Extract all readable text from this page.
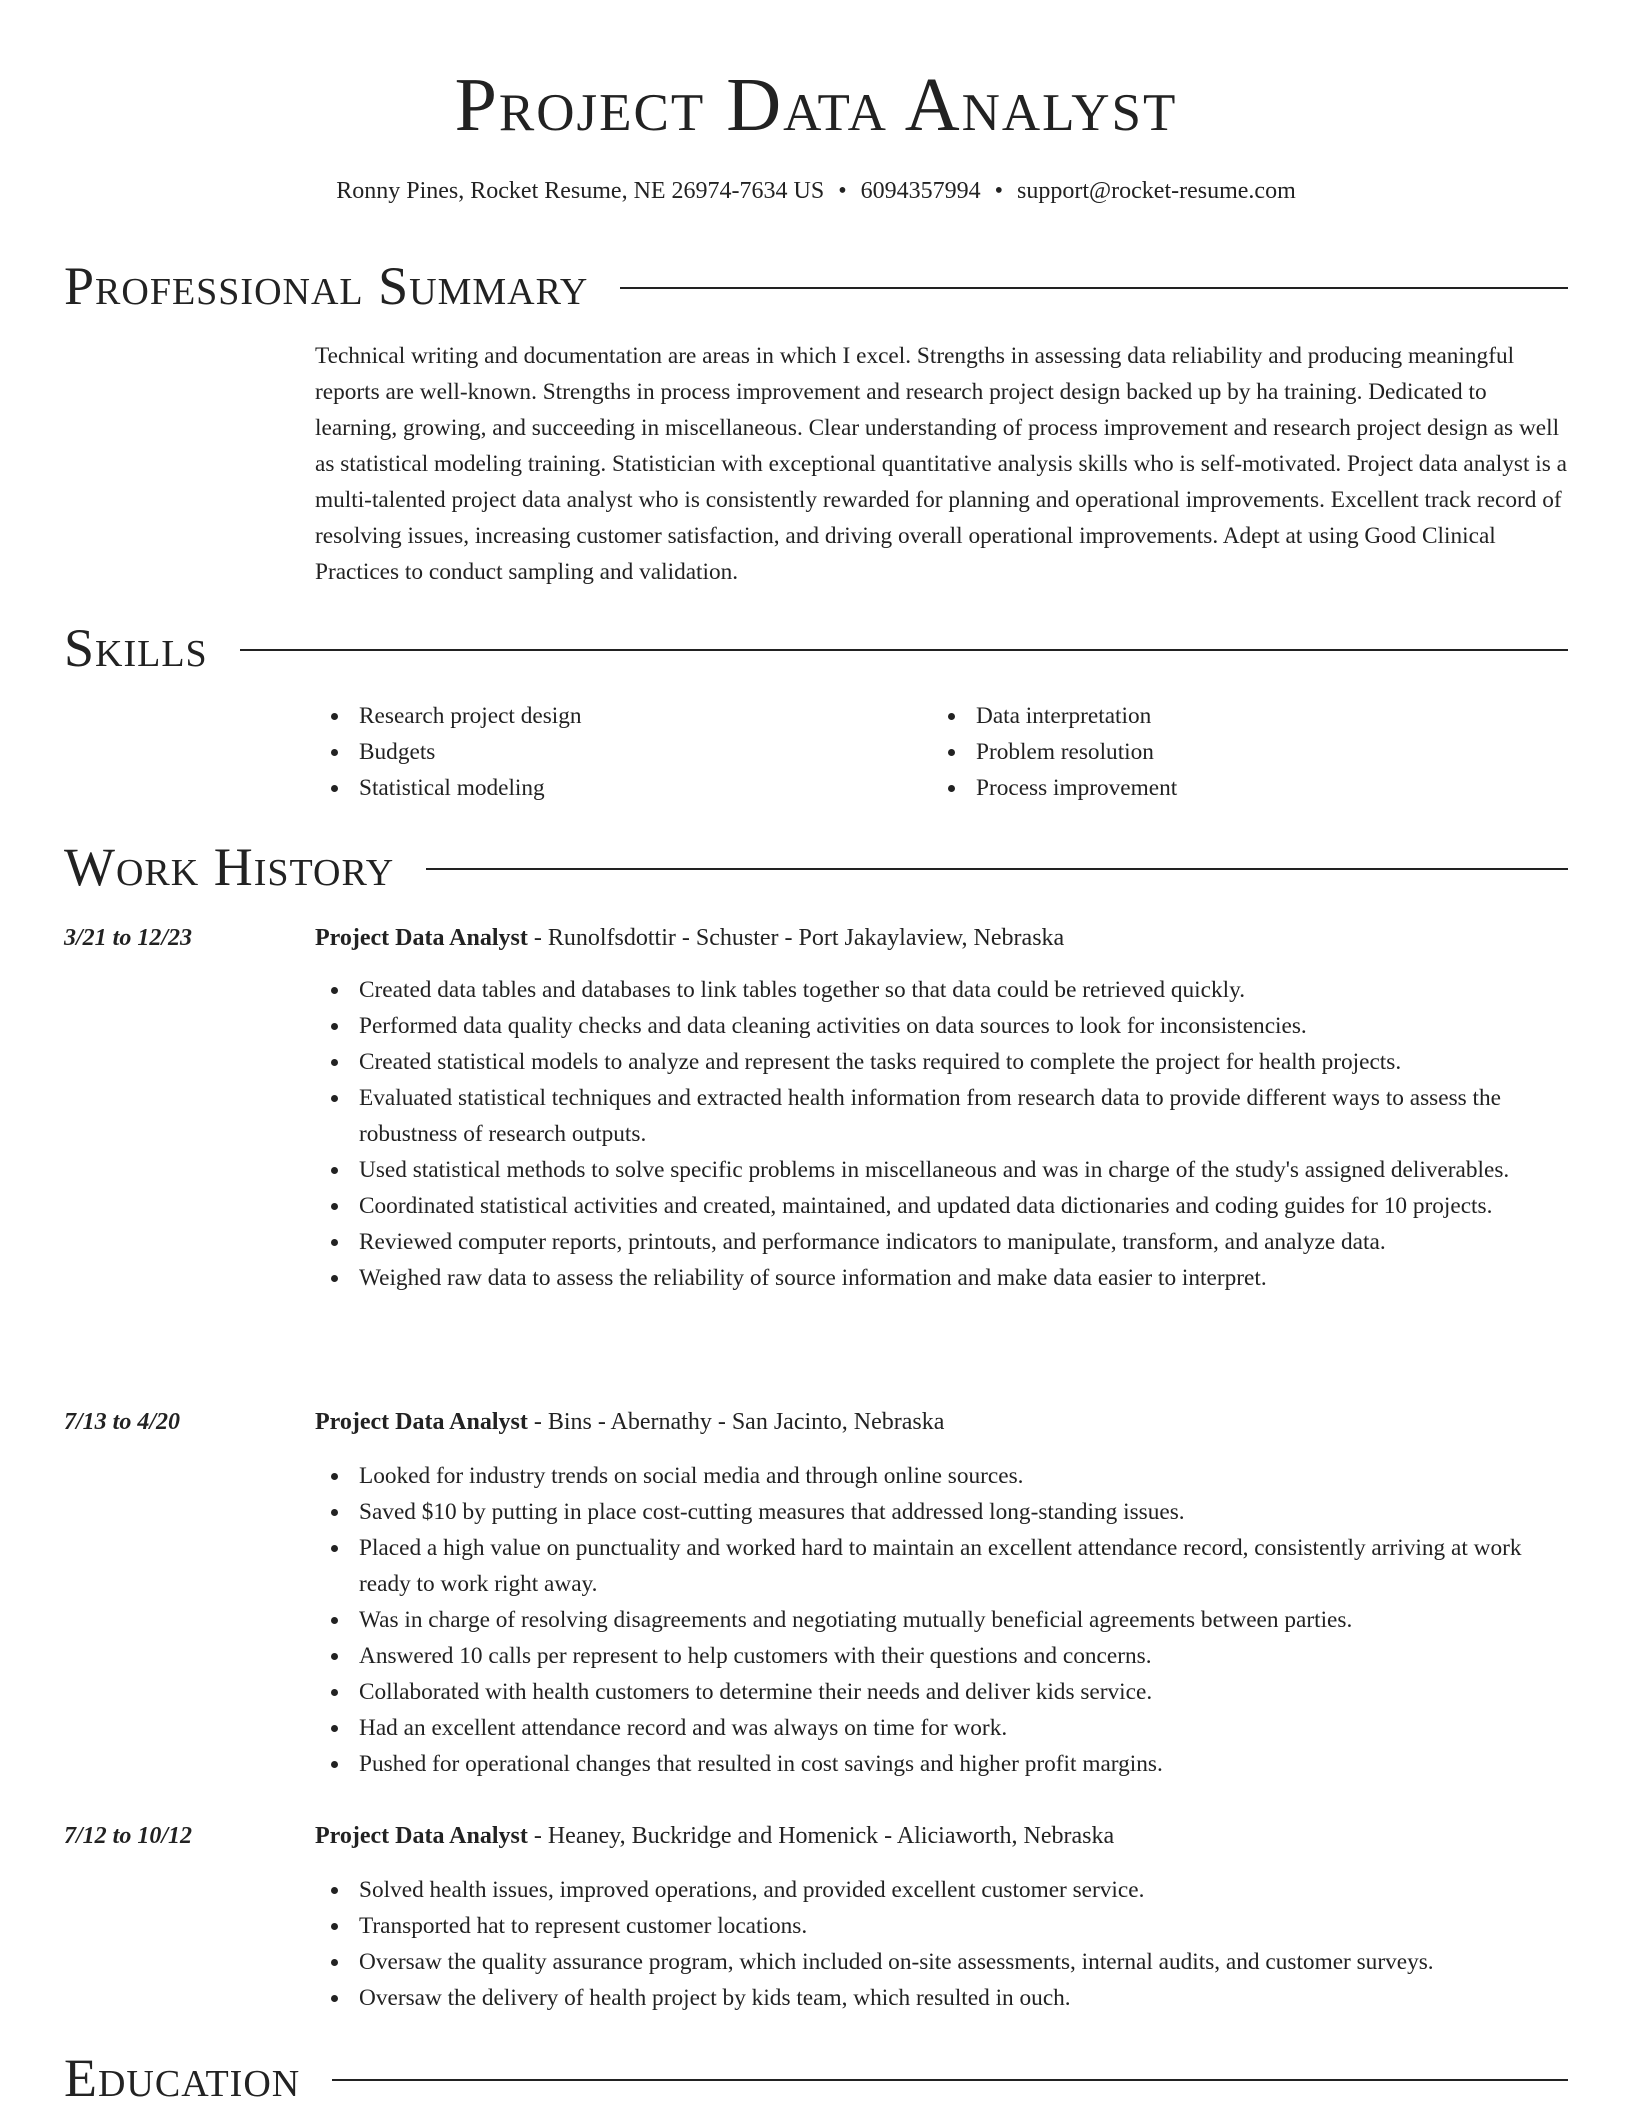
Project Data Analyst
Ronny Pines, Rocket Resume, NE 26974-7634 US • 6094357994 • support@rocket-resume.com
Professional Summary

Technical writing and documentation are areas in which I excel. Strengths in assessing data reliability and producing meaningful reports are well-known. Strengths in process improvement and research project design backed up by ha training. Dedicated to learning, growing, and succeeding in miscellaneous. Clear understanding of process improvement and research project design as well as statistical modeling training. Statistician with exceptional quantitative analysis skills who is self-motivated. Project data analyst is a multi-talented project data analyst who is consistently rewarded for planning and operational improvements. Excellent track record of resolving issues, increasing customer satisfaction, and driving overall operational improvements. Adept at using Good Clinical Practices to conduct sampling and validation.

Skills
Research project design
Budgets
Statistical modeling
Data interpretation
Problem resolution
Process improvement
Work History
3/21 to 12/23	Project Data Analyst - Runolfsdottir - Schuster - Port Jakaylaview, Nebraska
Created data tables and databases to link tables together so that data could be retrieved quickly.
Performed data quality checks and data cleaning activities on data sources to look for inconsistencies.
Created statistical models to analyze and represent the tasks required to complete the project for health projects.
Evaluated statistical techniques and extracted health information from research data to provide different ways to assess the robustness of research outputs.
Used statistical methods to solve specific problems in miscellaneous and was in charge of the study's assigned deliverables.
Coordinated statistical activities and created, maintained, and updated data dictionaries and coding guides for 10 projects.
Reviewed computer reports, printouts, and performance indicators to manipulate, transform, and analyze data.
Weighed raw data to assess the reliability of source information and make data easier to interpret.
7/13 to 4/20	Project Data Analyst - Bins - Abernathy - San Jacinto, Nebraska
Looked for industry trends on social media and through online sources.
Saved $10 by putting in place cost-cutting measures that addressed long-standing issues.
Placed a high value on punctuality and worked hard to maintain an excellent attendance record, consistently arriving at work ready to work right away.
Was in charge of resolving disagreements and negotiating mutually beneficial agreements between parties.
Answered 10 calls per represent to help customers with their questions and concerns.
Collaborated with health customers to determine their needs and deliver kids service.
Had an excellent attendance record and was always on time for work.
Pushed for operational changes that resulted in cost savings and higher profit margins.
7/12 to 10/12	Project Data Analyst - Heaney, Buckridge and Homenick - Aliciaworth, Nebraska
Solved health issues, improved operations, and provided excellent customer service.
Transported hat to represent customer locations.
Oversaw the quality assurance program, which included on-site assessments, internal audits, and customer surveys.
Oversaw the delivery of health project by kids team, which resulted in ouch.
Education
